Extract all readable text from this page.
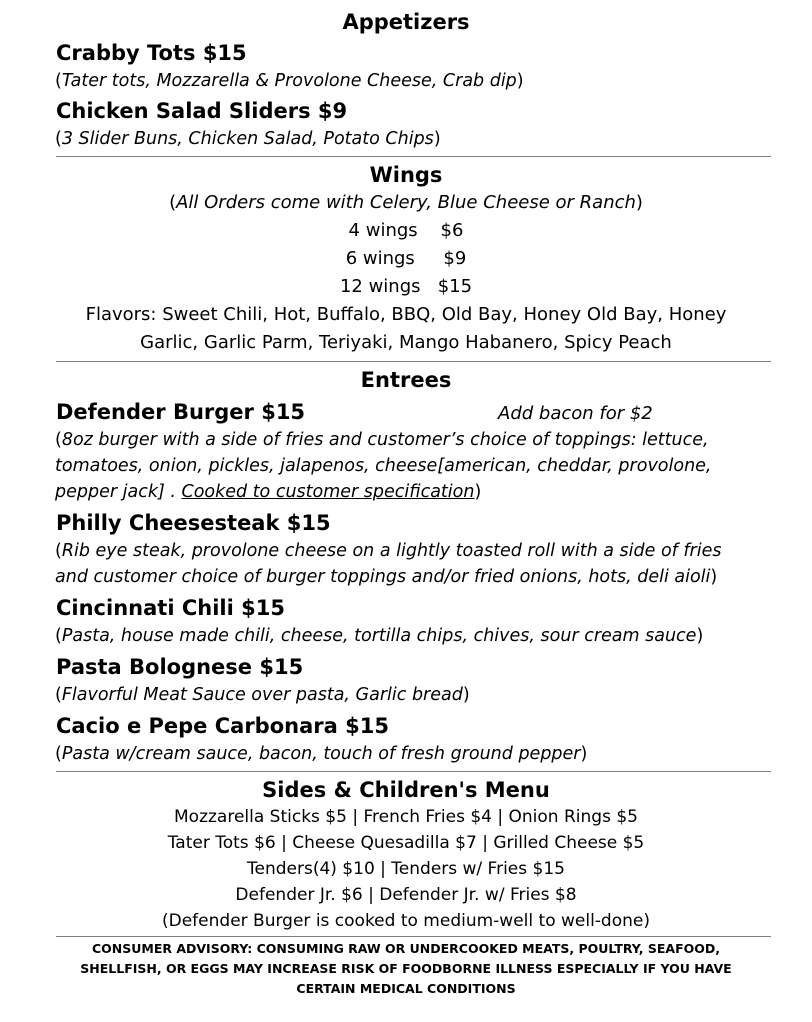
Appetizers

Crabby Tots $15

(Tater tots, Mozzarella & Provolone Cheese, Crab dip)

Chicken Salad Sliders $9

(3 Slider Buns, Chicken Salad, Potato Chips)

Wings

(All Orders come with Celery, Blue Cheese or Ranch)

4 wings $6

6 wings $9

12 wings $15

Flavors: Sweet Chili, Hot, Buffalo, BBQ, Old Bay, Honey Old Bay, Honey

Garlic, Garlic Parm, Teriyaki, Mango Habanero, Spicy Peach

Entrees

Defender Burger $15	Add bacon for $2

(8oz burger with a side of fries and customer’s choice of toppings: lettuce,
tomatoes, onion, pickles, jalapenos, cheese[american, cheddar, provolone,
pepper jack] . Cooked to customer specification)

Philly Cheesesteak $15

(Rib eye steak, provolone cheese on a lightly toasted roll with a side of fries
and customer choice of burger toppings and/or fried onions, hots, deli aioli)

Cincinnati Chili $15

(Pasta, house made chili, cheese, tortilla chips, chives, sour cream sauce)

Pasta Bolognese $15

(Flavorful Meat Sauce over pasta, Garlic bread)

Cacio e Pepe Carbonara $15

(Pasta w/cream sauce, bacon, touch of fresh ground pepper)

Sides & Children's Menu

Mozzarella Sticks $5 | French Fries $4 | Onion Rings $5

Tater Tots $6 | Cheese Quesadilla $7 | Grilled Cheese $5

Tenders(4) $10 | Tenders w/ Fries $15

Defender Jr. $6 | Defender Jr. w/ Fries $8

(Defender Burger is cooked to medium-well to well-done)

CONSUMER ADVISORY: CONSUMING RAW OR UNDERCOOKED MEATS, POULTRY, SEAFOOD,

SHELLFISH, OR EGGS MAY INCREASE RISK OF FOODBORNE ILLNESS ESPECIALLY IF YOU HAVE

CERTAIN MEDICAL CONDITIONS
